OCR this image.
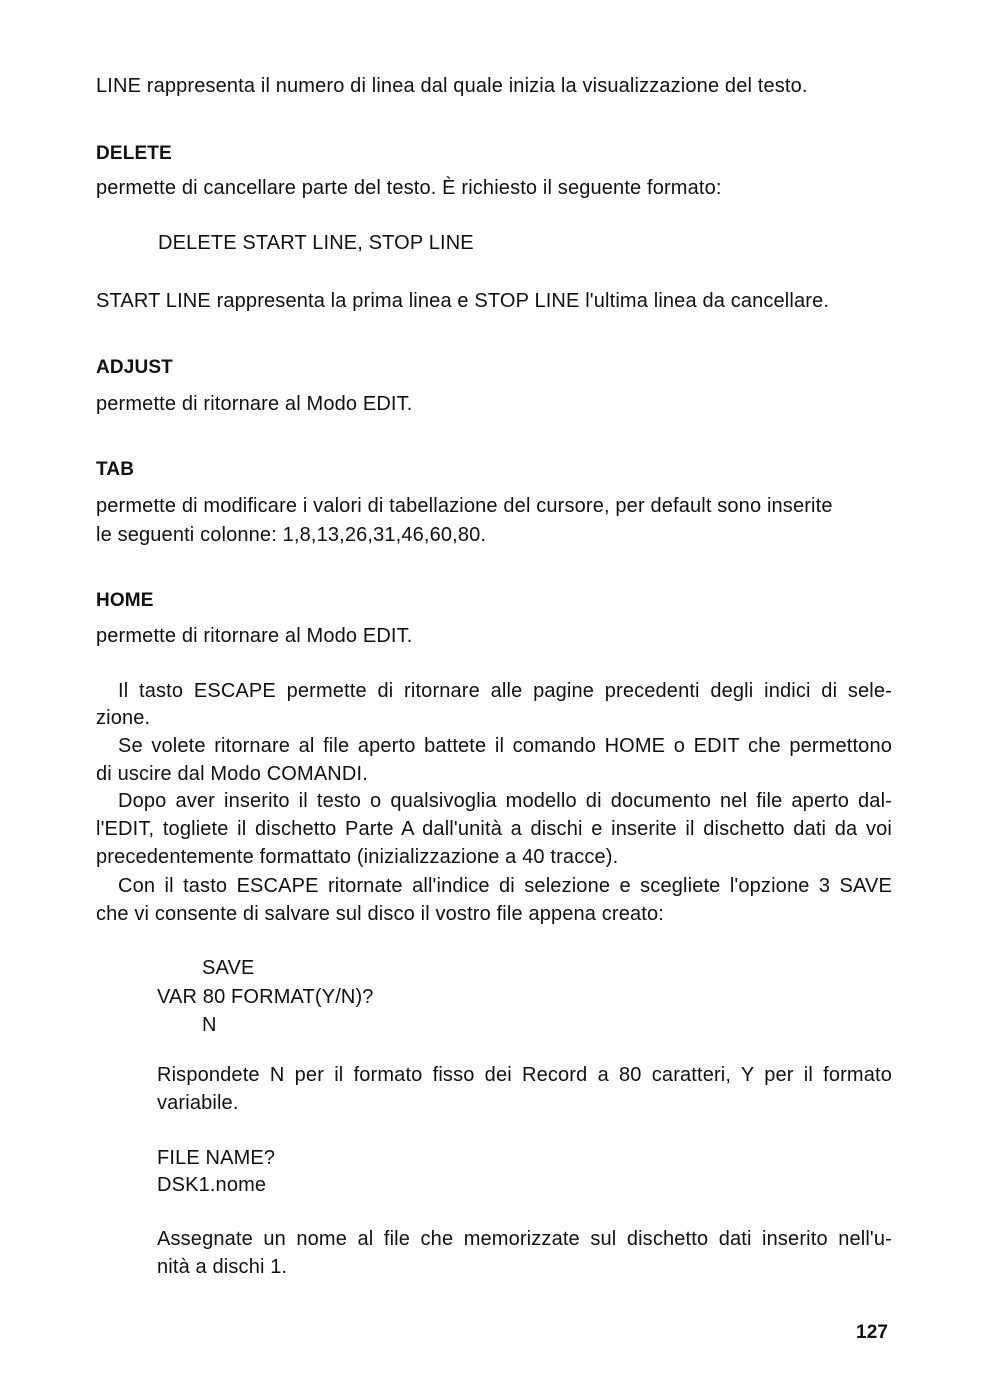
LINE rappresenta il numero di linea dal quale inizia la visualizzazione del testo.
DELETE
permette di cancellare parte del testo. È richiesto il seguente formato:
DELETE START LINE, STOP LINE
START LINE rappresenta la prima linea e STOP LINE l'ultima linea da cancellare.
ADJUST
permette di ritornare al Modo EDIT.
TAB
permette di modificare i valori di tabellazione del cursore, per default sono inserite
le seguenti colonne: 1,8,13,26,31,46,60,80.
HOME
permette di ritornare al Modo EDIT.
Il tasto ESCAPE permette di ritornare alle pagine precedenti degli indici di sele-
zione.
Se volete ritornare al file aperto battete il comando HOME o EDIT che permettono
di uscire dal Modo COMANDI.
Dopo aver inserito il testo o qualsivoglia modello di documento nel file aperto dal-
l'EDIT, togliete il dischetto Parte A dall'unità a dischi e inserite il dischetto dati da voi
precedentemente formattato (inizializzazione a 40 tracce).
Con il tasto ESCAPE ritornate all'indice di selezione e scegliete l'opzione 3 SAVE
che vi consente di salvare sul disco il vostro file appena creato:
SAVE
VAR 80 FORMAT(Y/N)?
N
Rispondete N per il formato fisso dei Record a 80 caratteri, Y per il formato
variabile.
FILE NAME?
DSK1.nome
Assegnate un nome al file che memorizzate sul dischetto dati inserito nell'u-
nità a dischi 1.
127
